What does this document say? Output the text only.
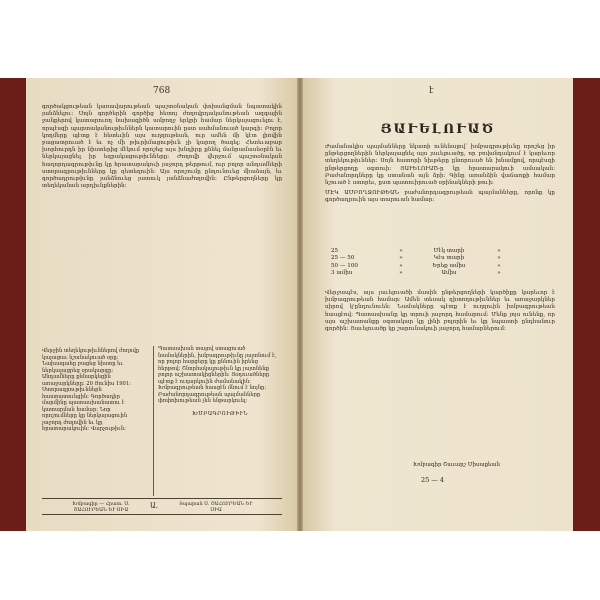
768
գործակցութեան կառավարութեան պաշտօնական փոխանցման նպատակին յանձնելու։ Սոյն գործերին գործից հետոյ ժողովրդականութեան ազգային ջանքերով կատարուող նախագիծն ամբողջ երկրի համար ներկայացուելու է, որպէսզի պարտականութիւններն կատարուին ըստ սահմանուած կարգի։ Բոլոր կողմերը պէտք է հետեւին այս ուղղութեան, ուր ամեն մի կէտ լիովին բացատրուած է եւ ոչ մի թիւրիմացութիւն չի կարող ծագել։ Հետեւաբար խորհուրդն իր նիստերից մէկում որոշեց այս խնդիրը քննել մանրամասնօրէն եւ ներկայացնել իր եզրակացութիւնները։ Ժողովի վերջում պաշտօնական հաղորդագրութիւնը կը հրատարակուի յաջորդ թերթում, ուր բոլոր անդամների ստորագրութիւնները կը զետեղուին։ Այս որոշումը ընդունուեց միաձայն, եւ գործադրութիւնը յանձնուեց յատուկ յանձնաժողովին։ Ընթերցողները կը տեղեկանան արդիւնքներին։
Վերջին տեղեկութիւններով ժողովը կայացաւ նշանակուած օրը։ Նախագահը բացեց նիստը եւ ներկայացրեց օրակարգը։ Անդամները քննարկեցին առաջարկները։ 20 Յունիս 1901։ Ստորագրութիւններն հաստատուեցին։ Գործադիր մարմինը պատասխանատու է կատարման համար։ Նոր որոշումները կը ներկայացուին յաջորդ ժողովին եւ կը հրատարակուին։ Վարչութիւն։
Պատասխան տալով ստացուած նամակներին, խմբագրութիւնը յայտնում է, որ բոլոր հարցերը կը քննուին իրենց հերթով։ Շնորհակալութիւն կը յայտնենք բոլոր աշխատակիցներին։ Յօդուածները պէտք է ուղարկուին ժամանակին։ Խմբագրութեան հասցէն մնում է նոյնը։ Բաժանորդագրութեան պայմանները փոփոխութեան չեն ենթարկուել։
ԽՄԲԱԳՐՈՒԹԻՒՆ
Խմբագիր — Հրատ. Ս. ՇԱՀՈՒՐԵԱՆ ԵՒ ՍԻԱ
Ա.	Տպարան Ս. ՇԱՀՈՒՐԵԱՆ ԵՒ ՍԻԱ
է
ՅԱՒԵԼՈՒԱԾ
Ժամանակիս պայմանները նկատի ունենալով՝ խմբագրութիւնը որոշեց իր ընթերցողներին ներկայացնել այս յաւելուածը, որ բովանդակում է կարեւոր տեղեկութիւններ։ Սոյն հատորի նիւթերը ընտրուած են խնամքով, որպէսզի ընթերցողը օգտուի։ ՅԱՒԵԼՈՒԱԾ-ը կը հրատարակուի ամսական։ Բաժանորդները կը ստանան այն ձրի։ Գինը առանձին վաճառքի համար նշուած է ստորեւ, ըստ պատուիրուած օրինակների թուի։
ՄԷԿ ԱՄԲՈՂՋՈՒԹԵԱՆ բաժանորդագրութեան պայմանները, որոնք կը գործադրուին այս տարուան համար։
25	»	Մէկ տարի	»
25 — 50	»	Կէս տարի	»
50 — 100	»	Երեք ամիս	»
3 ամիս	»	Ամիս	»
Վերջապէս, այս յաւելուածի մասին ընթերցողների կարծիքը կարեւոր է խմբագրութեան համար։ Ամեն տեսակ դիտողութիւններ եւ առաջարկներ սիրով կ'ընդունուեն։ Նամակները պէտք է ուղղուին խմբագրութեան հասցէով։ Պատասխանը կը տրուի յաջորդ համարում։ Մենք յոյս ունենք, որ այս աշխատանքը օգտակար կը լինի բոլորին եւ կը նպաստի ընդհանուր գործին։ Յաւելուածը կը շարունակուի յաջորդ համարներում։
Խմբագիր Շաւարշ Միսաքեան
25 — 4
